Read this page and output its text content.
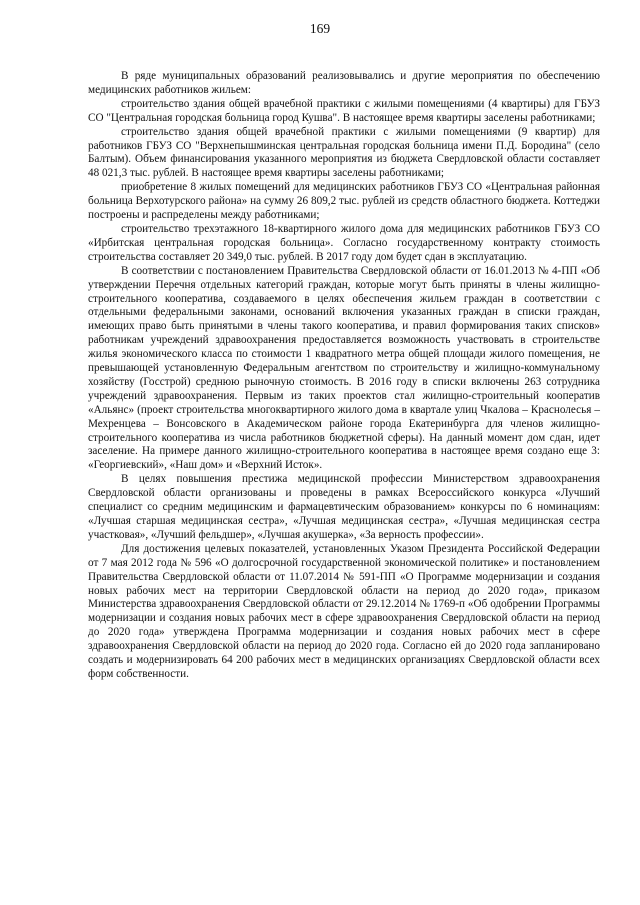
169

В ряде муниципальных образований реализовывались и другие мероприятия по обеспечению медицинских работников жильем:

строительство здания общей врачебной практики с жилыми помещениями (4 квартиры) для ГБУЗ СО "Центральная городская больница город Кушва". В настоящее время квартиры заселены работниками;

строительство здания общей врачебной практики с жилыми помещениями (9 квартир) для работников ГБУЗ СО "Верхнепышминская центральная городская больница имени П.Д. Бородина" (село Балтым). Объем финансирования указанного мероприятия из бюджета Свердловской области составляет 48 021,3 тыс. рублей. В настоящее время квартиры заселены работниками;

приобретение 8 жилых помещений для медицинских работников ГБУЗ СО «Центральная районная больница Верхотурского района» на сумму 26 809,2 тыс. рублей из средств областного бюджета. Коттеджи построены и распределены между работниками;

строительство трехэтажного 18-квартирного жилого дома для медицинских работников ГБУЗ СО «Ирбитская центральная городская больница». Согласно государственному контракту стоимость строительства составляет 20 349,0 тыс. рублей. В 2017 году дом будет сдан в эксплуатацию.

В соответствии с постановлением Правительства Свердловской области от 16.01.2013 № 4-ПП «Об утверждении Перечня отдельных категорий граждан, которые могут быть приняты в члены жилищно-строительного кооператива, создаваемого в целях обеспечения жильем граждан в соответствии с отдельными федеральными законами, оснований включения указанных граждан в списки граждан, имеющих право быть принятыми в члены такого кооператива, и правил формирования таких списков» работникам учреждений здравоохранения предоставляется возможность участвовать в строительстве жилья экономического класса по стоимости 1 квадратного метра общей площади жилого помещения, не превышающей установленную Федеральным агентством по строительству и жилищно-коммунальному хозяйству (Госстрой) среднюю рыночную стоимость. В 2016 году в списки включены 263 сотрудника учреждений здравоохранения. Первым из таких проектов стал жилищно-строительный кооператив «Альянс» (проект строительства многоквартирного жилого дома в квартале улиц Чкалова – Краснолесья – Мехренцева – Вонсовского в Академическом районе города Екатеринбурга для членов жилищно-строительного кооператива из числа работников бюджетной сферы). На данный момент дом сдан, идет заселение. На примере данного жилищно-строительного кооператива в настоящее время создано еще 3: «Георгиевский», «Наш дом» и «Верхний Исток».

В целях повышения престижа медицинской профессии Министерством здравоохранения Свердловской области организованы и проведены в рамках Всероссийского конкурса «Лучший специалист со средним медицинским и фармацевтическим образованием» конкурсы по 6 номинациям: «Лучшая старшая медицинская сестра», «Лучшая медицинская сестра», «Лучшая медицинская сестра участковая», «Лучший фельдшер», «Лучшая акушерка», «За верность профессии».

Для достижения целевых показателей, установленных Указом Президента Российской Федерации от 7 мая 2012 года № 596 «О долгосрочной государственной экономической политике» и постановлением Правительства Свердловской области от 11.07.2014 № 591-ПП «О Программе модернизации и создания новых рабочих мест на территории Свердловской области на период до 2020 года», приказом Министерства здравоохранения Свердловской области от 29.12.2014 № 1769-п «Об одобрении Программы модернизации и создания новых рабочих мест в сфере здравоохранения Свердловской области на период до 2020 года» утверждена Программа модернизации и создания новых рабочих мест в сфере здравоохранения Свердловской области на период до 2020 года. Согласно ей до 2020 года запланировано создать и модернизировать 64 200 рабочих мест в медицинских организациях Свердловской области всех форм собственности.
